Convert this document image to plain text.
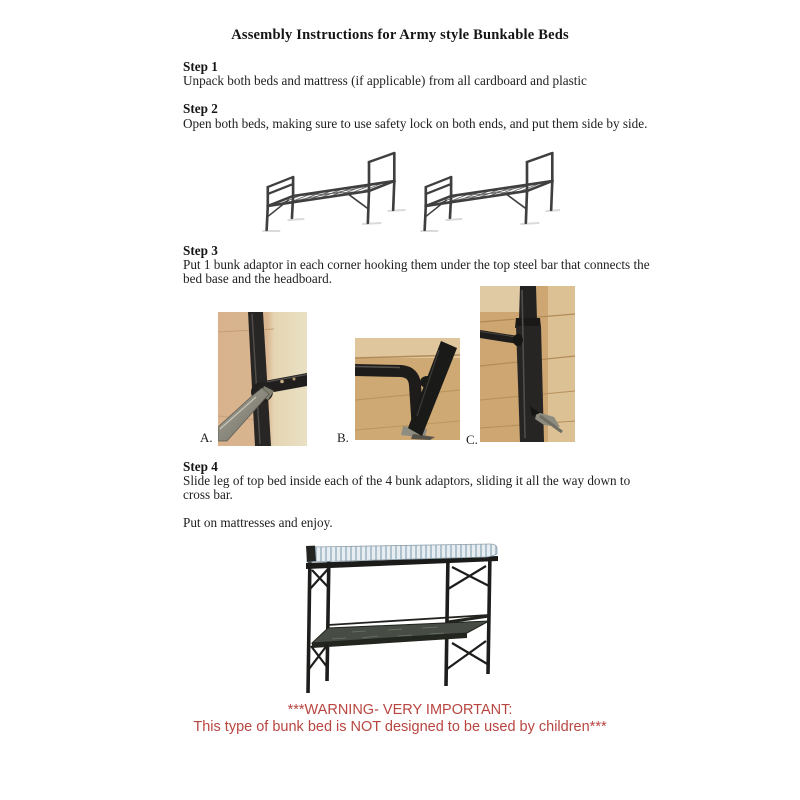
Assembly Instructions for Army style Bunkable Beds
Step 1
Unpack both beds and mattress (if applicable) from all cardboard and plastic
Step 2
Open both beds, making sure to use safety lock on both ends, and put them side by side.
Step 3
Put 1 bunk adaptor in each corner hooking them under the top steel bar that connects the
bed base and the headboard.
A.	B.	C.
Step 4
Slide leg of top bed inside each of the 4 bunk adaptors, sliding it all the way down to
cross bar.
Put on mattresses and enjoy.
***WARNING- VERY IMPORTANT:
This type of bunk bed is NOT designed to be used by children***
